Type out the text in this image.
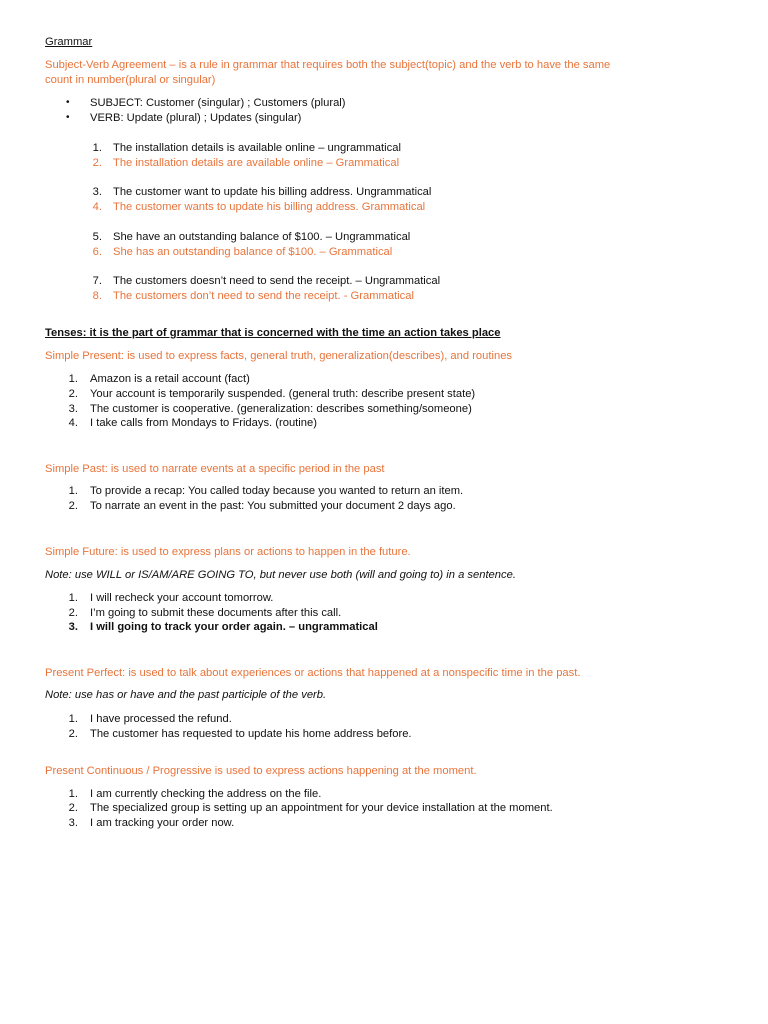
Grammar
Subject-Verb Agreement – is a rule in grammar that requires both the subject(topic) and the verb to have the same
count in number(plural or singular)
• SUBJECT: Customer (singular) ; Customers (plural)
• VERB: Update (plural) ; Updates (singular)
1. The installation details is available online – ungrammatical
2. The installation details are available online – Grammatical
3. The customer want to update his billing address. Ungrammatical
4. The customer wants to update his billing address. Grammatical
5. She have an outstanding balance of $100. – Ungrammatical
6. She has an outstanding balance of $100. – Grammatical
7. The customers doesn’t need to send the receipt. – Ungrammatical
8. The customers don’t need to send the receipt. - Grammatical
Tenses: it is the part of grammar that is concerned with the time an action takes place
Simple Present: is used to express facts, general truth, generalization(describes), and routines
1. Amazon is a retail account (fact)
2. Your account is temporarily suspended. (general truth: describe present state)
3. The customer is cooperative. (generalization: describes something/someone)
4. I take calls from Mondays to Fridays. (routine)
Simple Past: is used to narrate events at a specific period in the past
1. To provide a recap: You called today because you wanted to return an item.
2. To narrate an event in the past: You submitted your document 2 days ago.
Simple Future: is used to express plans or actions to happen in the future.
Note: use WILL or IS/AM/ARE GOING TO, but never use both (will and going to) in a sentence.
1. I will recheck your account tomorrow.
2. I’m going to submit these documents after this call.
3. I will going to track your order again. – ungrammatical
Present Perfect: is used to talk about experiences or actions that happened at a nonspecific time in the past.
Note: use has or have and the past participle of the verb.
1. I have processed the refund.
2. The customer has requested to update his home address before.
Present Continuous / Progressive is used to express actions happening at the moment.
1. I am currently checking the address on the file.
2. The specialized group is setting up an appointment for your device installation at the moment.
3. I am tracking your order now.
